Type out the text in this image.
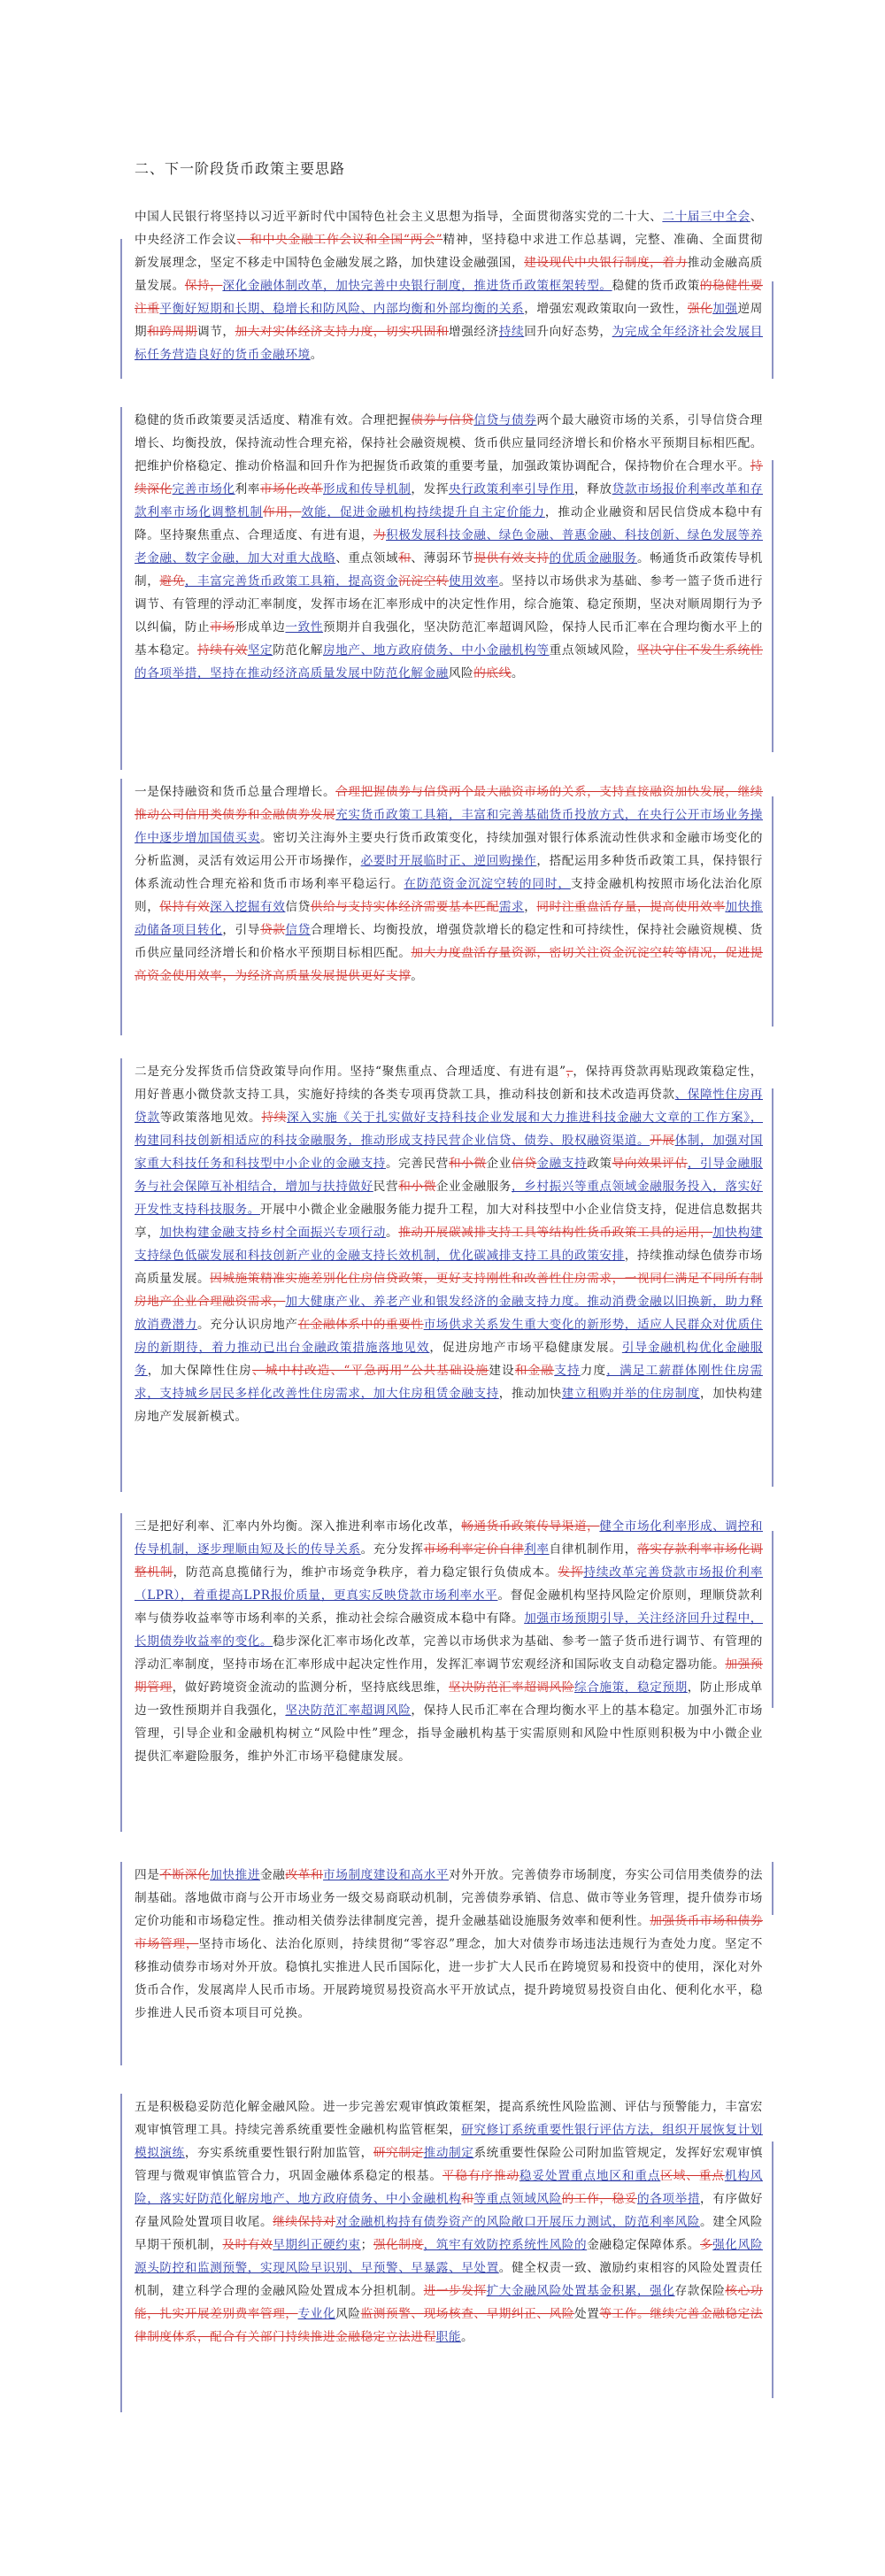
二、下一阶段货币政策主要思路
中国人民银行将坚持以习近平新时代中国特色社会主义思想为指导，全面贯彻落实党的二十大、二十届三中全会、中央经济工作会议、和中央金融工作会议和全国“两会”精神，坚持稳中求进工作总基调，完整、准确、全面贯彻新发展理念，坚定不移走中国特色金融发展之路，加快建设金融强国，建设现代中央银行制度，着力推动金融高质量发展。保持，深化金融体制改革，加快完善中央银行制度，推进货币政策框架转型。稳健的货币政策的稳健性要注重平衡好短期和长期、稳增长和防风险、内部均衡和外部均衡的关系，增强宏观政策取向一致性，强化加强逆周期和跨周期调节，加大对实体经济支持力度，切实巩固和增强经济持续回升向好态势，为完成全年经济社会发展目标任务营造良好的货币金融环境。
稳健的货币政策要灵活适度、精准有效。合理把握债券与信贷信贷与债券两个最大融资市场的关系，引导信贷合理增长、均衡投放，保持流动性合理充裕，保持社会融资规模、货币供应量同经济增长和价格水平预期目标相匹配。把维护价格稳定、推动价格温和回升作为把握货币政策的重要考量，加强政策协调配合，保持物价在合理水平。持续深化完善市场化利率市场化改革形成和传导机制，发挥央行政策利率引导作用，释放贷款市场报价利率改革和存款利率市场化调整机制作用，效能，促进金融机构持续提升自主定价能力，推动企业融资和居民信贷成本稳中有降。坚持聚焦重点、合理适度、有进有退，为积极发展科技金融、绿色金融、普惠金融、科技创新、绿色发展等养老金融、数字金融，加大对重大战略、重点领域和、薄弱环节提供有效支持的优质金融服务。畅通货币政策传导机制，避免，丰富完善货币政策工具箱，提高资金沉淀空转使用效率。坚持以市场供求为基础、参考一篮子货币进行调节、有管理的浮动汇率制度，发挥市场在汇率形成中的决定性作用，综合施策、稳定预期，坚决对顺周期行为予以纠偏，防止市场形成单边一致性预期并自我强化，坚决防范汇率超调风险，保持人民币汇率在合理均衡水平上的基本稳定。持续有效坚定防范化解房地产、地方政府债务、中小金融机构等重点领域风险，坚决守住不发生系统性的各项举措，坚持在推动经济高质量发展中防范化解金融风险的底线。
一是保持融资和货币总量合理增长。合理把握债券与信贷两个最大融资市场的关系，支持直接融资加快发展，继续推动公司信用类债券和金融债券发展充实货币政策工具箱，丰富和完善基础货币投放方式，在央行公开市场业务操作中逐步增加国债买卖。密切关注海外主要央行货币政策变化，持续加强对银行体系流动性供求和金融市场变化的分析监测，灵活有效运用公开市场操作，必要时开展临时正、逆回购操作，搭配运用多种货币政策工具，保持银行体系流动性合理充裕和货币市场利率平稳运行。在防范资金沉淀空转的同时，支持金融机构按照市场化法治化原则，保持有效深入挖掘有效信贷供给与支持实体经济需要基本匹配需求，同时注重盘活存量，提高使用效率加快推动储备项目转化，引导贷款信贷合理增长、均衡投放，增强贷款增长的稳定性和可持续性，保持社会融资规模、货币供应量同经济增长和价格水平预期目标相匹配。加大力度盘活存量资源，密切关注资金沉淀空转等情况，促进提高资金使用效率，为经济高质量发展提供更好支撑。
二是充分发挥货币信贷政策导向作用。坚持“聚焦重点、合理适度、有进有退”，，保持再贷款再贴现政策稳定性，用好普惠小微贷款支持工具，实施好持续的各类专项再贷款工具，推动科技创新和技术改造再贷款、保障性住房再贷款等政策落地见效。持续深入实施《关于扎实做好支持科技企业发展和大力推进科技金融大文章的工作方案》，构建同科技创新相适应的科技金融服务，推动形成支持民营企业信贷、债券、股权融资渠道。开展体制，加强对国家重大科技任务和科技型中小企业的金融支持。完善民营和小微企业信贷金融支持政策导向效果评估，引导金融服务与社会保障互补相结合，增加与扶持做好民营和小微企业金融服务，乡村振兴等重点领域金融服务投入，落实好开发性支持科技服务。开展中小微企业金融服务能力提升工程，加大对科技型中小企业信贷支持，促进信息数据共享，加快构建金融支持乡村全面振兴专项行动。推动开展碳减排支持工具等结构性货币政策工具的运用，加快构建支持绿色低碳发展和科技创新产业的金融支持长效机制，优化碳减排支持工具的政策安排，持续推动绿色债券市场高质量发展。因城施策精准实施差别化住房信贷政策，更好支持刚性和改善性住房需求，一视同仁满足不同所有制房地产企业合理融资需求，加大健康产业、养老产业和银发经济的金融支持力度。推动消费金融以旧换新，助力释放消费潜力。充分认识房地产在金融体系中的重要性市场供求关系发生重大变化的新形势，适应人民群众对优质住房的新期待，着力推动已出台金融政策措施落地见效，促进房地产市场平稳健康发展。引导金融机构优化金融服务，加大保障性住房、城中村改造、“平急两用”公共基础设施建设和金融支持力度，满足工薪群体刚性住房需求，支持城乡居民多样化改善性住房需求，加大住房租赁金融支持，推动加快建立租购并举的住房制度，加快构建房地产发展新模式。
三是把好利率、汇率内外均衡。深入推进利率市场化改革，畅通货币政策传导渠道，健全市场化利率形成、调控和传导机制，逐步理顺由短及长的传导关系。充分发挥市场利率定价自律利率自律机制作用，落实存款利率市场化调整机制，防范高息揽储行为，维护市场竞争秩序，着力稳定银行负债成本。发挥持续改革完善贷款市场报价利率（LPR），着重提高LPR报价质量，更真实反映贷款市场利率水平。督促金融机构坚持风险定价原则，理顺贷款利率与债券收益率等市场利率的关系，推动社会综合融资成本稳中有降。加强市场预期引导，关注经济回升过程中，长期债券收益率的变化。稳步深化汇率市场化改革，完善以市场供求为基础、参考一篮子货币进行调节、有管理的浮动汇率制度，坚持市场在汇率形成中起决定性作用，发挥汇率调节宏观经济和国际收支自动稳定器功能。加强预期管理，做好跨境资金流动的监测分析，坚持底线思维，坚决防范汇率超调风险综合施策，稳定预期，防止形成单边一致性预期并自我强化，坚决防范汇率超调风险，保持人民币汇率在合理均衡水平上的基本稳定。加强外汇市场管理，引导企业和金融机构树立“风险中性”理念，指导金融机构基于实需原则和风险中性原则积极为中小微企业提供汇率避险服务，维护外汇市场平稳健康发展。
四是不断深化加快推进金融改革和市场制度建设和高水平对外开放。完善债券市场制度，夯实公司信用类债券的法制基础。落地做市商与公开市场业务一级交易商联动机制，完善债券承销、信息、做市等业务管理，提升债券市场定价功能和市场稳定性。推动相关债券法律制度完善，提升金融基础设施服务效率和便利性。加强货币市场和债券市场管理，坚持市场化、法治化原则，持续贯彻“零容忍”理念，加大对债券市场违法违规行为查处力度。坚定不移推动债券市场对外开放。稳慎扎实推进人民币国际化，进一步扩大人民币在跨境贸易和投资中的使用，深化对外货币合作，发展离岸人民币市场。开展跨境贸易投资高水平开放试点，提升跨境贸易投资自由化、便利化水平，稳步推进人民币资本项目可兑换。
五是积极稳妥防范化解金融风险。进一步完善宏观审慎政策框架，提高系统性风险监测、评估与预警能力，丰富宏观审慎管理工具。持续完善系统重要性金融机构监管框架，研究修订系统重要性银行评估方法，组织开展恢复计划模拟演练，夯实系统重要性银行附加监管，研究制定推动制定系统重要性保险公司附加监管规定，发挥好宏观审慎管理与微观审慎监管合力，巩固金融体系稳定的根基。平稳有序推动稳妥处置重点地区和重点区域、重点机构风险，落实好防范化解房地产、地方政府债务、中小金融机构和等重点领域风险的工作，稳妥的各项举措，有序做好存量风险处置项目收尾。继续保持对对金融机构持有债券资产的风险敞口开展压力测试，防范利率风险。建全风险早期干预机制，及时有效早期纠正硬约束；强化制度，筑牢有效防控系统性风险的金融稳定保障体系。多强化风险源头防控和监测预警，实现风险早识别、早预警、早暴露、早处置。健全权责一致、激励约束相容的风险处置责任机制，建立科学合理的金融风险处置成本分担机制。进一步发挥扩大金融风险处置基金积累，强化存款保险核心功能，扎实开展差别费率管理，专业化风险监测预警、现场核查、早期纠正、风险处置等工作。继续完善金融稳定法律制度体系，配合有关部门持续推进金融稳定立法进程职能。
